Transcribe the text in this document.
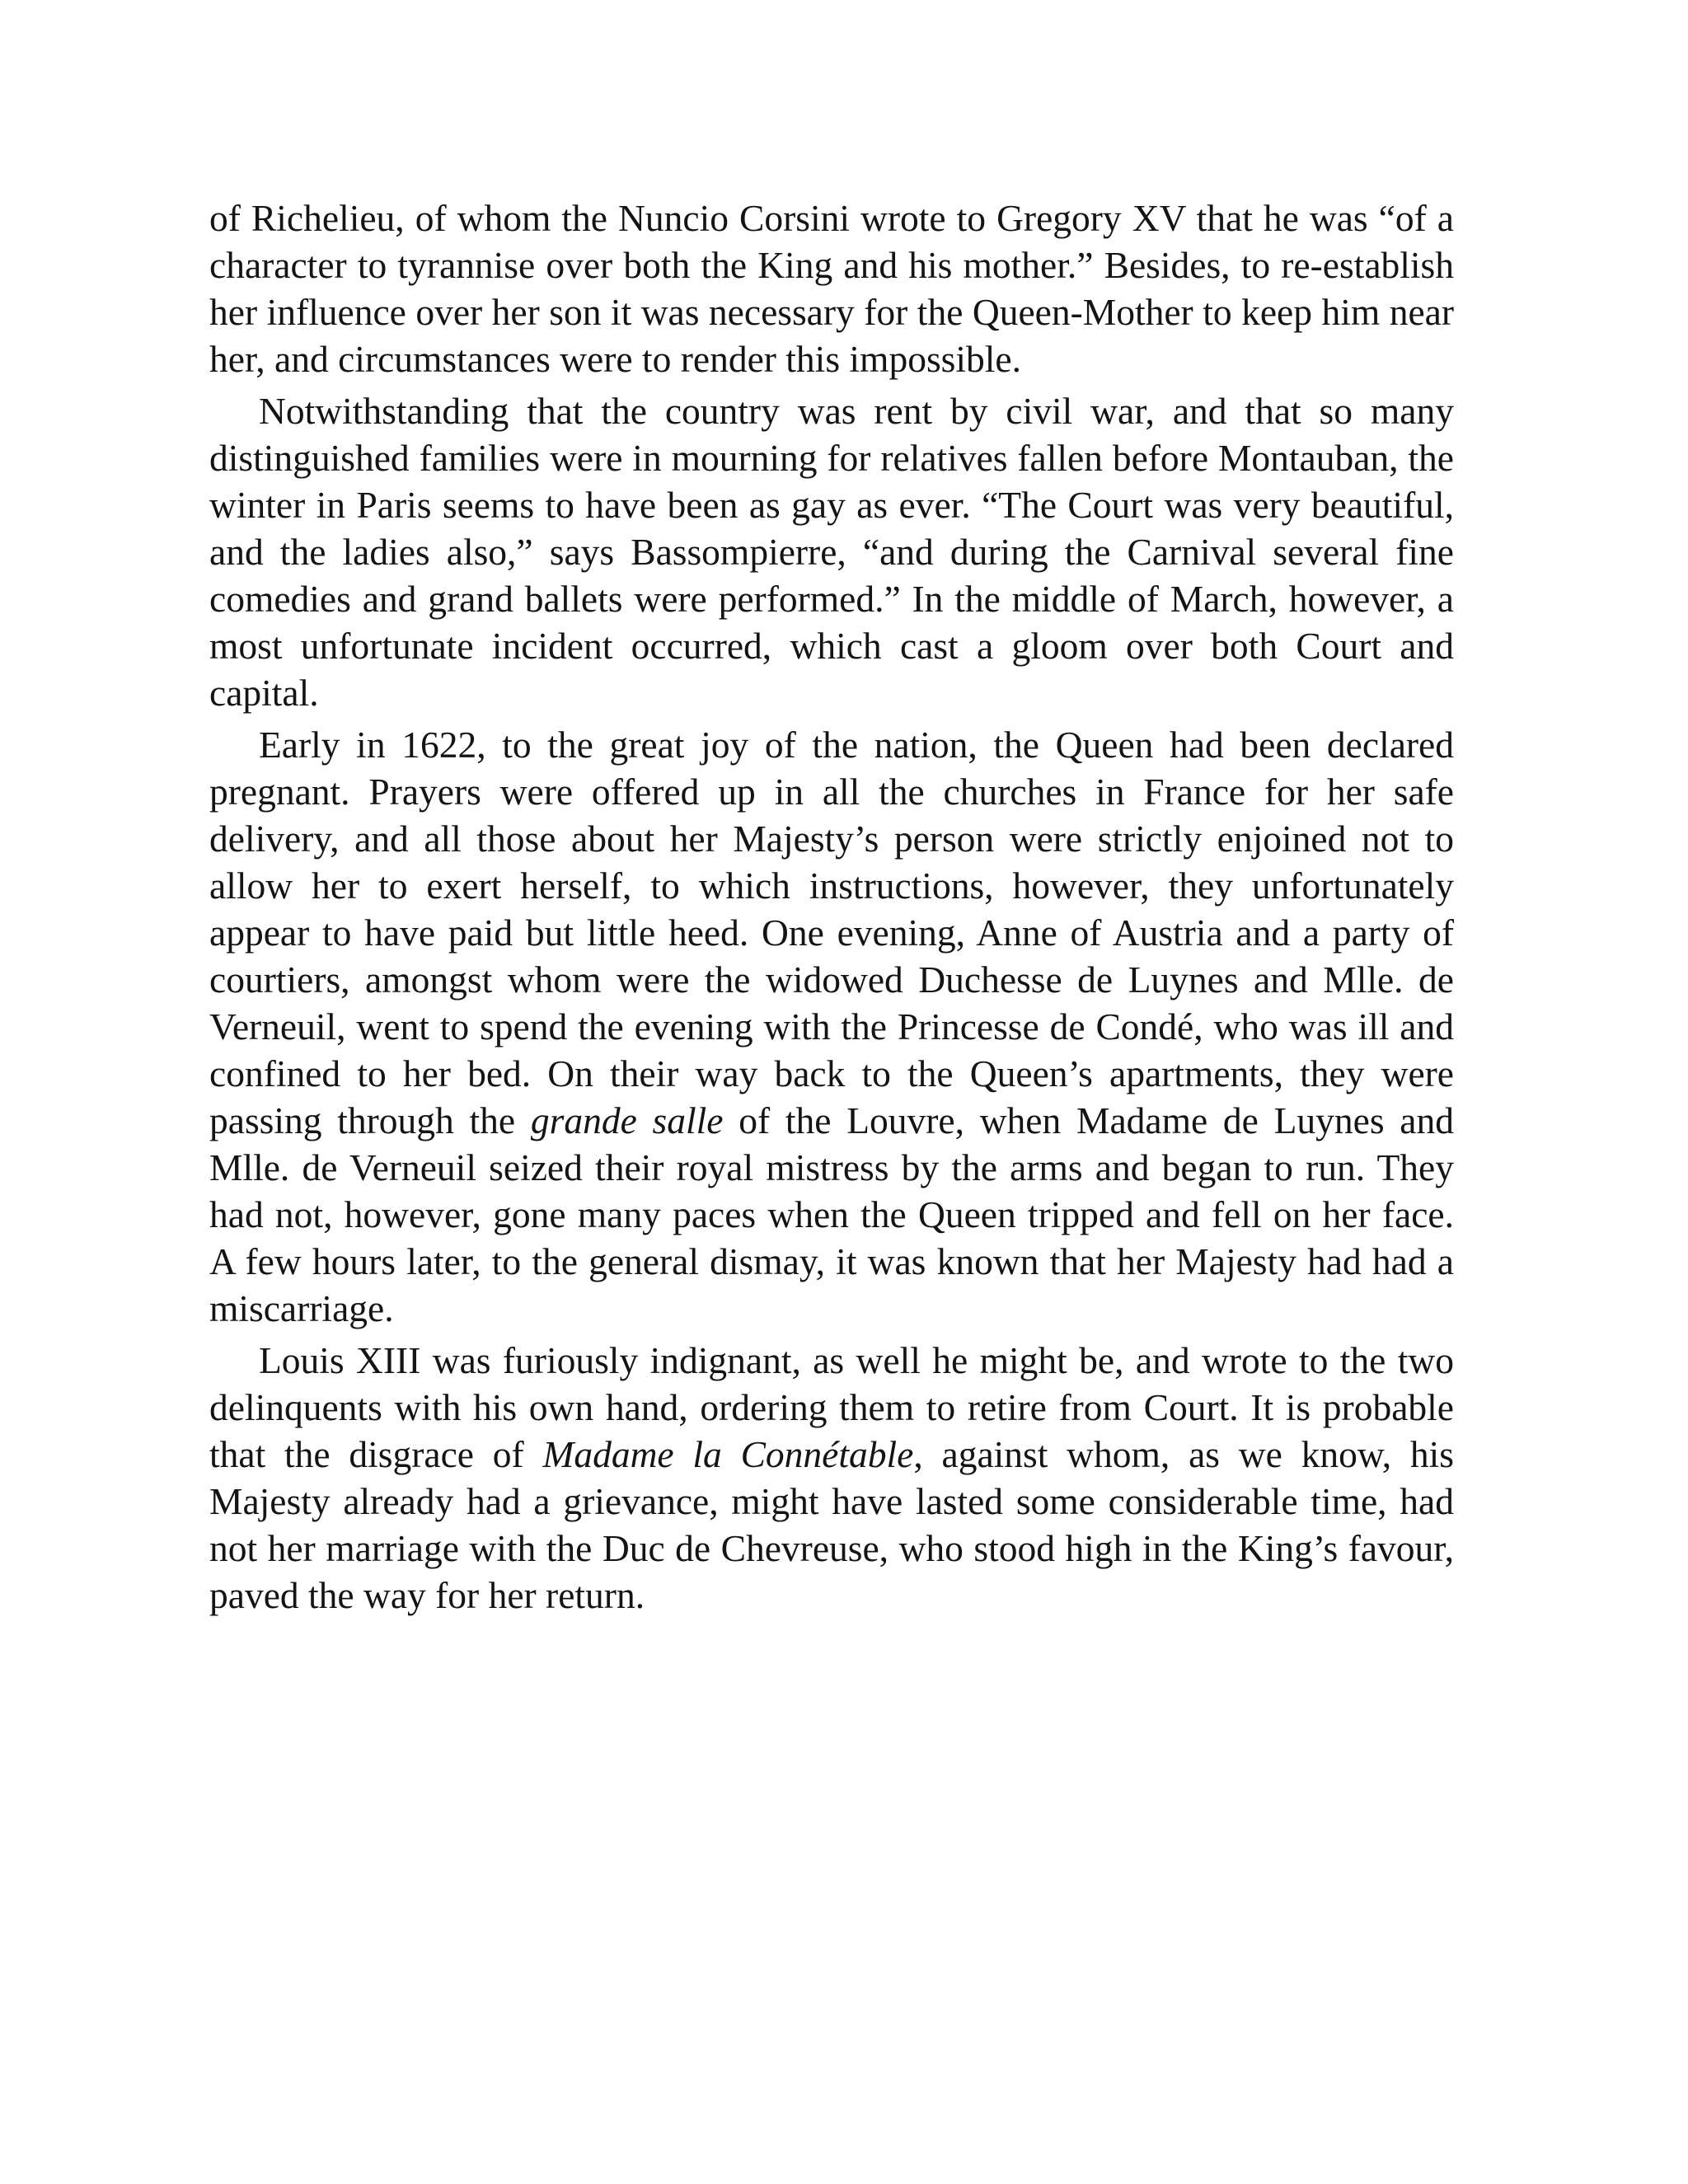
of Richelieu, of whom the Nuncio Corsini wrote to Gregory XV that he was “of a character to tyrannise over both the King and his mother.” Besides, to re-establish her influence over her son it was necessary for the Queen-Mother to keep him near her, and circumstances were to render this impossible.

Notwithstanding that the country was rent by civil war, and that so many distinguished families were in mourning for relatives fallen before Montauban, the winter in Paris seems to have been as gay as ever. “The Court was very beautiful, and the ladies also,” says Bassompierre, “and during the Carnival several fine comedies and grand ballets were performed.” In the middle of March, however, a most unfortunate incident occurred, which cast a gloom over both Court and capital.

Early in 1622, to the great joy of the nation, the Queen had been declared pregnant. Prayers were offered up in all the churches in France for her safe delivery, and all those about her Majesty’s person were strictly enjoined not to allow her to exert herself, to which instructions, however, they unfortunately appear to have paid but little heed. One evening, Anne of Austria and a party of courtiers, amongst whom were the widowed Duchesse de Luynes and Mlle. de Verneuil, went to spend the evening with the Princesse de Condé, who was ill and confined to her bed. On their way back to the Queen’s apartments, they were passing through the grande salle of the Louvre, when Madame de Luynes and Mlle. de Verneuil seized their royal mistress by the arms and began to run. They had not, however, gone many paces when the Queen tripped and fell on her face. A few hours later, to the general dismay, it was known that her Majesty had had a miscarriage.

Louis XIII was furiously indignant, as well he might be, and wrote to the two delinquents with his own hand, ordering them to retire from Court. It is probable that the disgrace of Madame la Connétable, against whom, as we know, his Majesty already had a grievance, might have lasted some considerable time, had not her marriage with the Duc de Chevreuse, who stood high in the King’s favour, paved the way for her return.
